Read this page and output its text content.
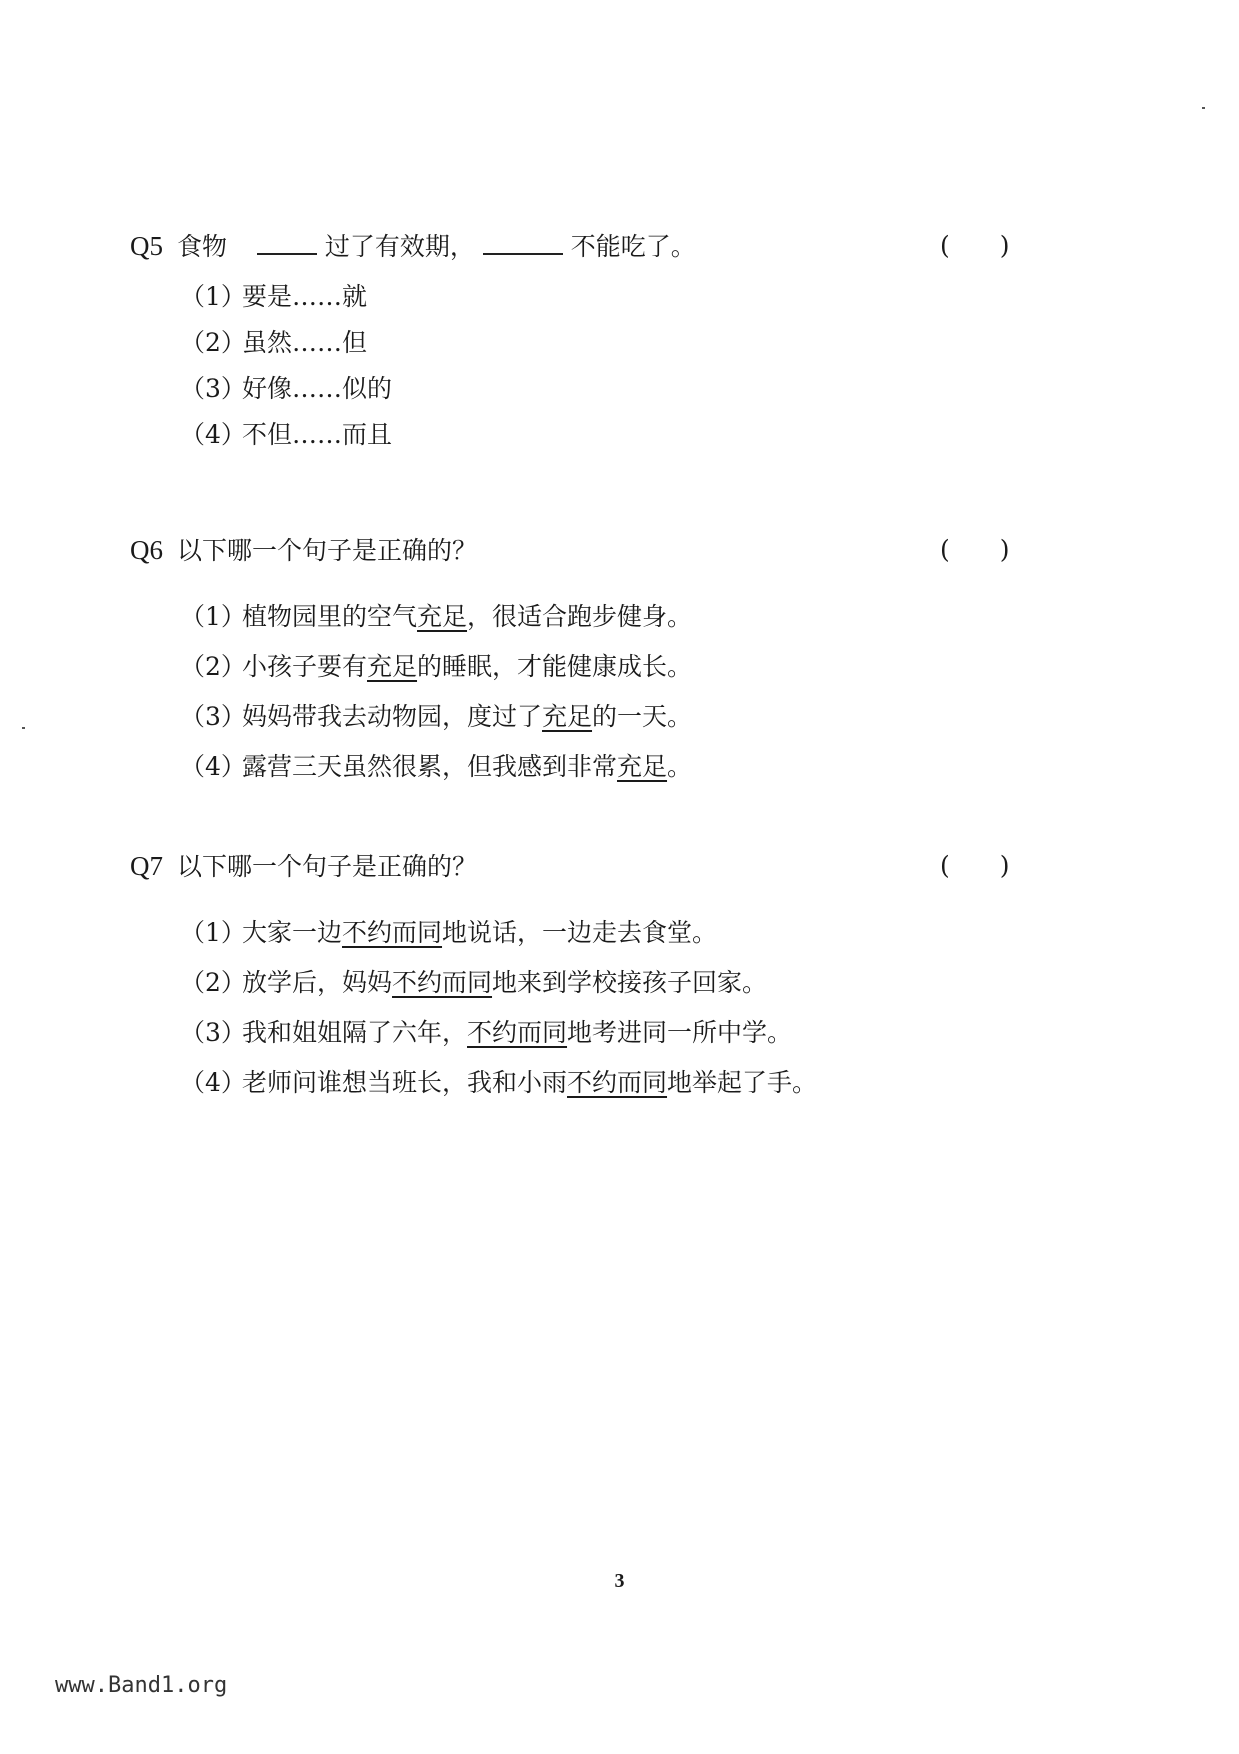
Q5 食物	过了有效期，	不能吃了。	( )
（1）要是……就
（2）虽然……但
（3）好像……似的
（4）不但……而且
Q6 以下哪一个句子是正确的？	( )
（1）植物园里的空气充足，很适合跑步健身。
（2）小孩子要有充足的睡眠，才能健康成长。
（3）妈妈带我去动物园，度过了充足的一天。
（4）露营三天虽然很累，但我感到非常充足。
Q7 以下哪一个句子是正确的？	( )
（1）大家一边不约而同地说话，一边走去食堂。
（2）放学后，妈妈不约而同地来到学校接孩子回家。
（3）我和姐姐隔了六年，不约而同地考进同一所中学。
（4）老师问谁想当班长，我和小雨不约而同地举起了手。
3
www.Band1.org
